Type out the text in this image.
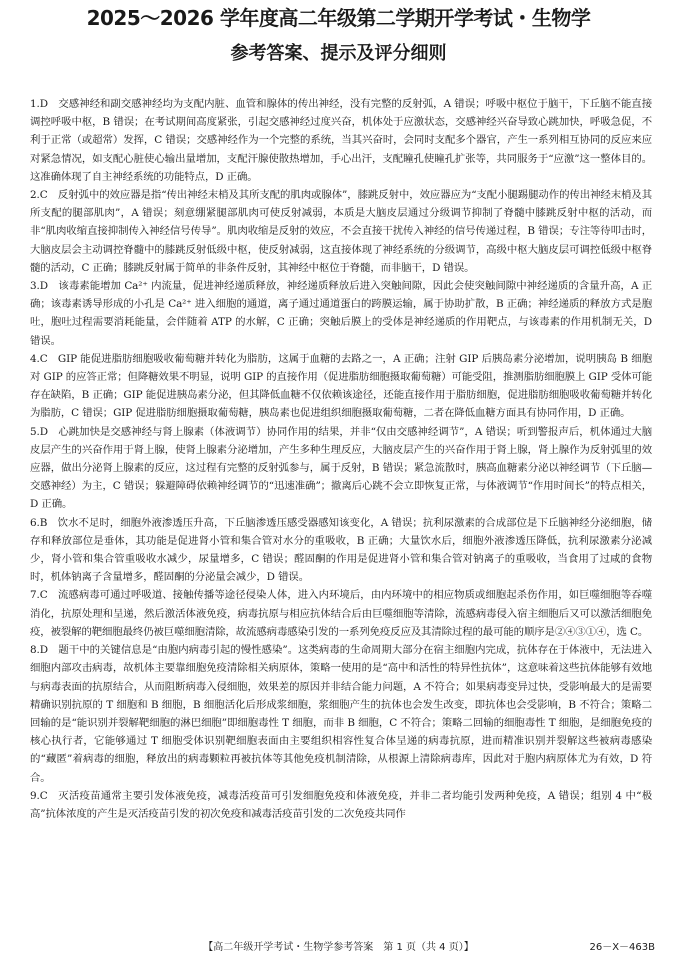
2025～2026 学年度高二年级第二学期开学考试・生物学
参考答案、提示及评分细则
1.D  交感神经和副交感神经均为支配内脏、血管和腺体的传出神经，没有完整的反射弧，A 错误；呼吸中枢位于脑干，下丘脑不能直接调控呼吸中枢，B 错误；在考试期间高度紧张，引起交感神经过度兴奋，机体处于应激状态，交感神经兴奋导致心跳加快，呼吸急促，不利于正常（或超常）发挥，C 错误；交感神经作为一个完整的系统，当其兴奋时，会同时支配多个器官，产生一系列相互协同的反应来应对紧急情况，如支配心脏使心输出量增加，支配汗腺使散热增加，手心出汗，支配瞳孔使瞳孔扩张等，共同服务于“应激”这一整体目的。这准确体现了自主神经系统的功能特点，D 正确。
2.C  反射弧中的效应器是指“传出神经末梢及其所支配的肌肉或腺体”，膝跳反射中，效应器应为“支配小腿踢腿动作的传出神经末梢及其所支配的腿部肌肉”，A 错误；刻意绷紧腿部肌肉可使反射减弱，本质是大脑皮层通过分级调节抑制了脊髓中膝跳反射中枢的活动，而非“肌肉收缩直接抑制传入神经信号传导”。肌肉收缩是反射的效应，不会直接干扰传入神经的信号传递过程，B 错误；专注等待叩击时，大脑皮层会主动调控脊髓中的膝跳反射低级中枢，使反射减弱，这直接体现了神经系统的分级调节，高级中枢大脑皮层可调控低级中枢脊髓的活动，C 正确；膝跳反射属于简单的非条件反射，其神经中枢位于脊髓，而非脑干，D 错误。
3.D  该毒素能增加 Ca²⁺ 内流量，促进神经递质释放，神经递质释放后进入突触间隙，因此会使突触间隙中神经递质的含量升高，A 正确；该毒素诱导形成的小孔是 Ca²⁺ 进入细胞的通道，离子通过通道蛋白的跨膜运输，属于协助扩散，B 正确；神经递质的释放方式是胞吐，胞吐过程需要消耗能量，会伴随着 ATP 的水解，C 正确；突触后膜上的受体是神经递质的作用靶点，与该毒素的作用机制无关，D 错误。
4.C  GIP 能促进脂肪细胞吸收葡萄糖并转化为脂肪，这属于血糖的去路之一，A 正确；注射 GIP 后胰岛素分泌增加，说明胰岛 B 细胞对 GIP 的应答正常；但降糖效果不明显，说明 GIP 的直接作用（促进脂肪细胞摄取葡萄糖）可能受阻，推测脂肪细胞膜上 GIP 受体可能存在缺陷，B 正确；GIP 能促进胰岛素分泌，但其降低血糖不仅依赖该途径，还能直接作用于脂肪细胞，促进脂肪细胞吸收葡萄糖并转化为脂肪，C 错误；GIP 促进脂肪细胞摄取葡萄糖，胰岛素也促进组织细胞摄取葡萄糖，二者在降低血糖方面具有协同作用，D 正确。
5.D  心跳加快是交感神经与肾上腺素（体液调节）协同作用的结果，并非“仅由交感神经调节”，A 错误；听到警报声后，机体通过大脑皮层产生的兴奋作用于肾上腺，使肾上腺素分泌增加，产生多种生理反应，大脑皮层产生的兴奋作用于肾上腺，肾上腺作为反射弧里的效应器，做出分泌肾上腺素的反应，这过程有完整的反射弧参与，属于反射，B 错误；紧急流散时，胰高血糖素分泌以神经调节（下丘脑—交感神经）为主，C 错误；躲避障碍依赖神经调节的“迅速准确”；撤离后心跳不会立即恢复正常，与体液调节“作用时间长”的特点相关，D 正确。
6.B  饮水不足时，细胞外液渗透压升高，下丘脑渗透压感受器感知该变化，A 错误；抗利尿激素的合成部位是下丘脑神经分泌细胞，储存和释放部位是垂体，其功能是促进肾小管和集合管对水分的重吸收，B 正确；大量饮水后，细胞外液渗透压降低，抗利尿激素分泌减少，肾小管和集合管重吸收水减少，尿量增多，C 错误；醛固酮的作用是促进肾小管和集合管对钠离子的重吸收，当食用了过咸的食物时，机体钠离子含量增多，醛固酮的分泌量会减少，D 错误。
7.C  流感病毒可通过呼吸道、接触传播等途径侵染人体，进入内环境后，由内环境中的相应物质或细胞起杀伤作用，如巨噬细胞等吞噬消化，抗原处理和呈递，然后激活体液免疫，病毒抗原与相应抗体结合后由巨噬细胞等清除，流感病毒侵入宿主细胞后又可以激活细胞免疫，被裂解的靶细胞最终仍被巨噬细胞清除，故流感病毒感染引发的一系列免疫反应及其清除过程的最可能的顺序是②④③①④，选 C。
8.D  题干中的关键信息是“由胞内病毒引起的慢性感染”。这类病毒的生命周期大部分在宿主细胞内完成，抗体存在于体液中，无法进入细胞内部攻击病毒，故机体主要靠细胞免疫清除相关病原体，策略一使用的是“高中和活性的特异性抗体”，这意味着这些抗体能够有效地与病毒表面的抗原结合，从而阻断病毒入侵细胞，效果差的原因并非结合能力问题，A 不符合；如果病毒变异过快，受影响最大的是需要精确识别抗原的 T 细胞和 B 细胞，B 细胞活化后形成浆细胞，浆细胞产生的抗体也会发生改变，即抗体也会受影响，B 不符合；策略二回输的是“能识别并裂解靶细胞的淋巴细胞”即细胞毒性 T 细胞，而非 B 细胞，C 不符合；策略二回输的细胞毒性 T 细胞，是细胞免疫的核心执行者，它能够通过 T 细胞受体识别靶细胞表面由主要组织相容性复合体呈递的病毒抗原，进而精准识别并裂解这些被病毒感染的“藏匿”着病毒的细胞，释放出的病毒颗粒再被抗体等其他免疫机制清除，从根源上清除病毒库，因此对于胞内病原体尤为有效，D 符合。
9.C  灭活疫苗通常主要引发体液免疫，减毒活疫苗可引发细胞免疫和体液免疫，并非二者均能引发两种免疫，A 错误；组别 4 中“极高”抗体浓度的产生是灭活疫苗引发的初次免疫和减毒活疫苗引发的二次免疫共同作
【高二年级开学考试・生物学参考答案　第 1 页（共 4 页）】	26－X－463B
